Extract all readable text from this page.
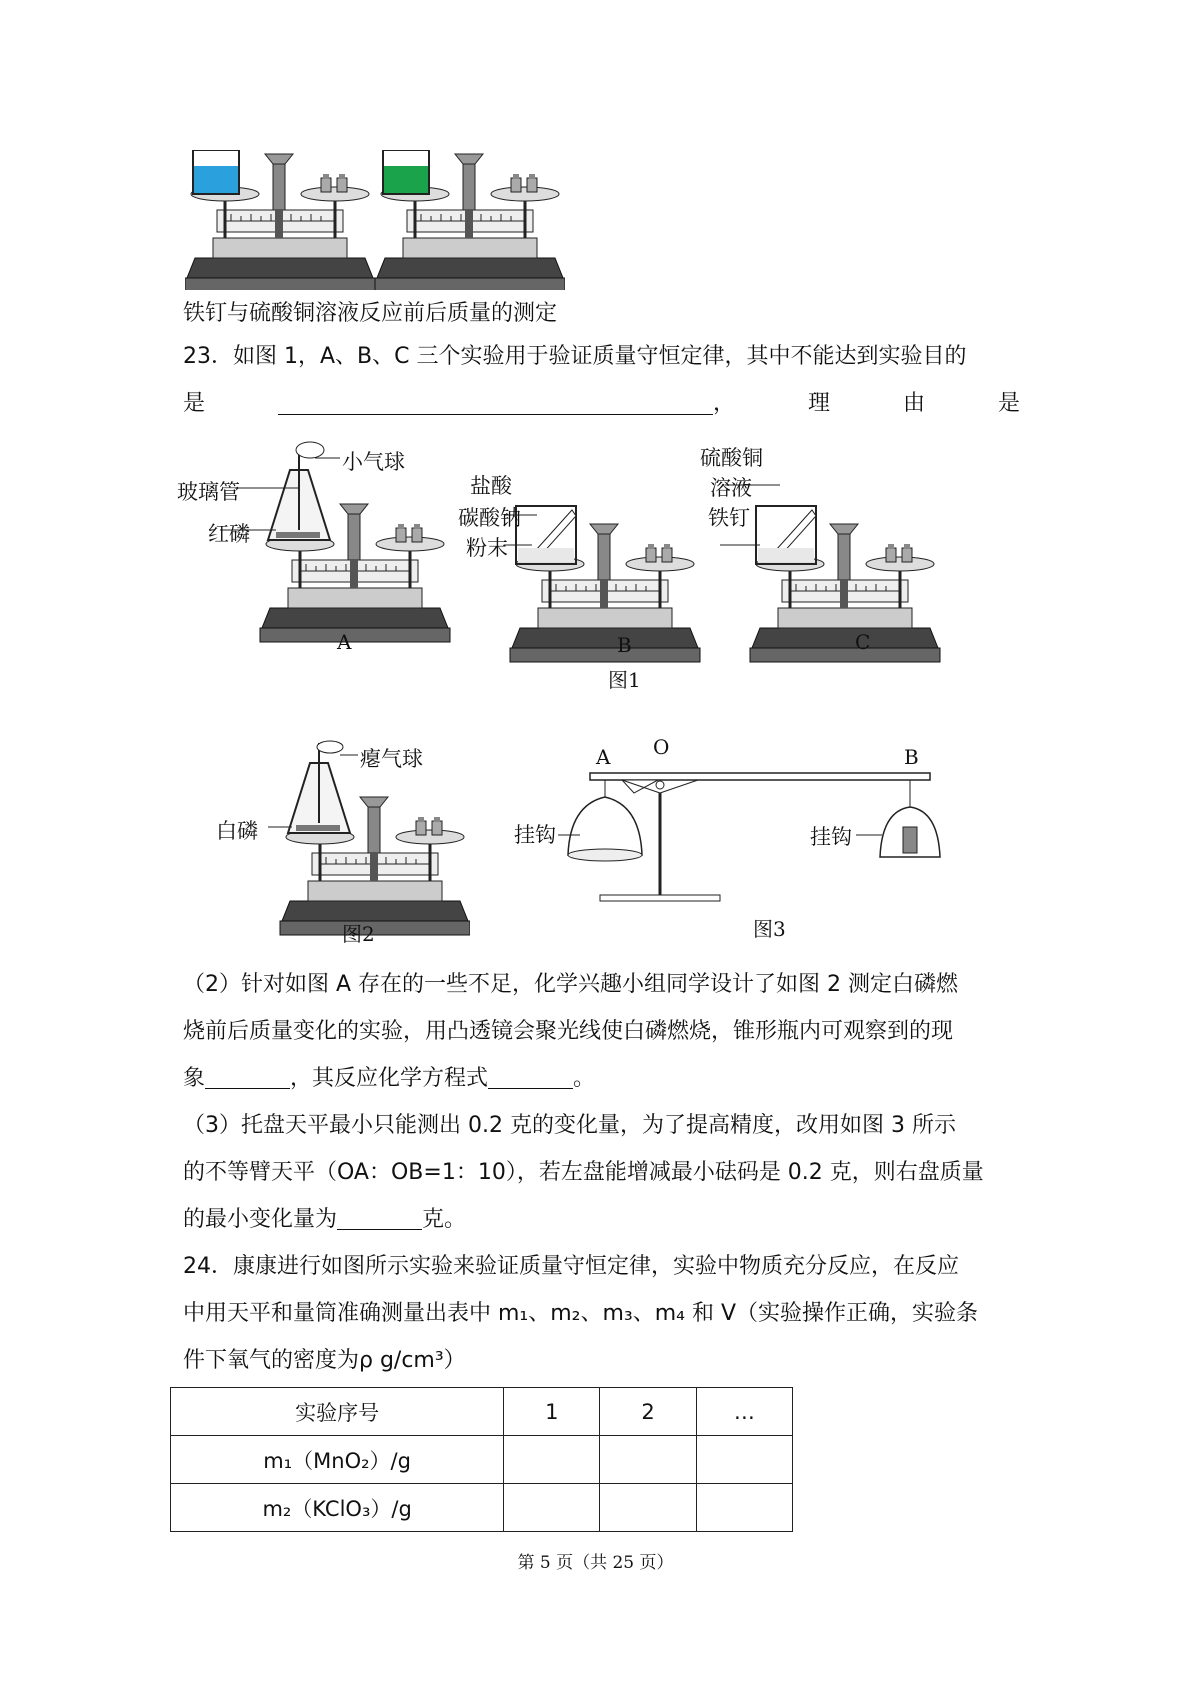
铁钉与硫酸铜溶液反应前后质量的测定
23．如图 1，A、B、C 三个实验用于验证质量守恒定律，其中不能达到实验目的
是	，	理	由	是
小气球
玻璃管
红磷
盐酸
碳酸钠
粉末
硫酸铜
溶液
铁钉
A	B	C
图1
瘪气球
白磷
图2
A O	B
挂钩	挂钩
图3
（2）针对如图 A 存在的一些不足，化学兴趣小组同学设计了如图 2 测定白磷燃
烧前后质量变化的实验，用凸透镜会聚光线使白磷燃烧，锥形瓶内可观察到的现
象	，其反应化学方程式	。
（3）托盘天平最小只能测出 0.2 克的变化量，为了提高精度，改用如图 3 所示
的不等臂天平（OA：OB=1：10），若左盘能增减最小砝码是 0.2 克，则右盘质量
的最小变化量为	克。
24．康康进行如图所示实验来验证质量守恒定律，实验中物质充分反应，在反应
中用天平和量筒准确测量出表中 m₁、m₂、m₃、m₄ 和 V（实验操作正确，实验条
件下氧气的密度为ρ g/cm³）
实验序号	1	2	…
m₁（MnO₂）/g			
m₂（KClO₃）/g			
第 5 页（共 25 页）
